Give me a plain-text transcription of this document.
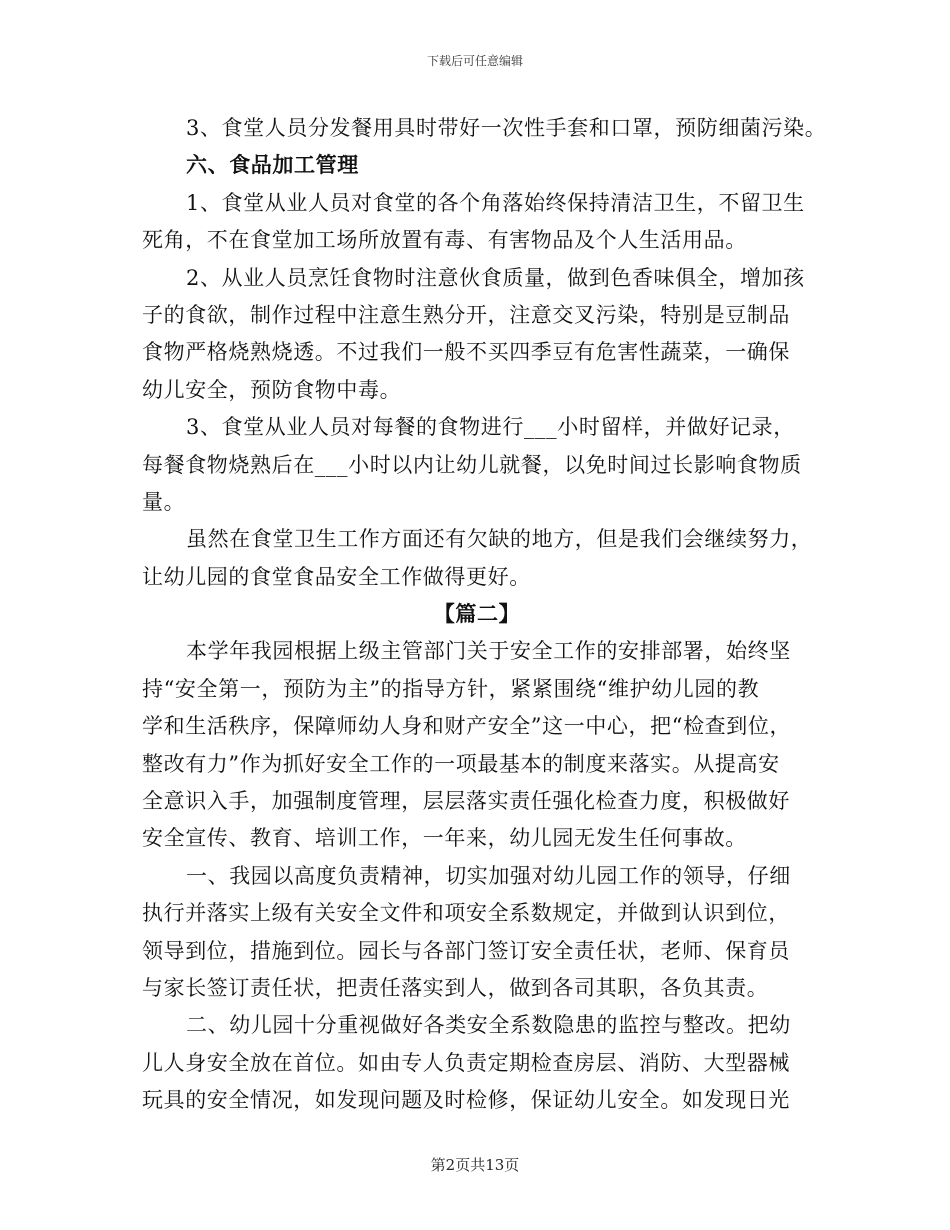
下载后可任意编辑
3、食堂人员分发餐用具时带好一次性手套和口罩，预防细菌污染。
六、食品加工管理
1、食堂从业人员对食堂的各个角落始终保持清洁卫生，不留卫生
死角，不在食堂加工场所放置有毒、有害物品及个人生活用品。
2、从业人员烹饪食物时注意伙食质量，做到色香味俱全，增加孩
子的食欲，制作过程中注意生熟分开，注意交叉污染，特别是豆制品
食物严格烧熟烧透。不过我们一般不买四季豆有危害性蔬菜，一确保
幼儿安全，预防食物中毒。
3、食堂从业人员对每餐的食物进行___小时留样，并做好记录，
每餐食物烧熟后在___小时以内让幼儿就餐，以免时间过长影响食物质
量。
虽然在食堂卫生工作方面还有欠缺的地方，但是我们会继续努力，
让幼儿园的食堂食品安全工作做得更好。
【篇二】
本学年我园根据上级主管部门关于安全工作的安排部署，始终坚
持“安全第一，预防为主”的指导方针，紧紧围绕“维护幼儿园的教
学和生活秩序，保障师幼人身和财产安全”这一中心，把“检查到位，
整改有力”作为抓好安全工作的一项最基本的制度来落实。从提高安
全意识入手，加强制度管理，层层落实责任强化检查力度，积极做好
安全宣传、教育、培训工作，一年来，幼儿园无发生任何事故。
一、我园以高度负责精神，切实加强对幼儿园工作的领导，仔细
执行并落实上级有关安全文件和项安全系数规定，并做到认识到位，
领导到位，措施到位。园长与各部门签订安全责任状，老师、保育员
与家长签订责任状，把责任落实到人，做到各司其职，各负其责。
二、幼儿园十分重视做好各类安全系数隐患的监控与整改。把幼
儿人身安全放在首位。如由专人负责定期检查房层、消防、大型器械
玩具的安全情况，如发现问题及时检修，保证幼儿安全。如发现日光
第2页共13页
